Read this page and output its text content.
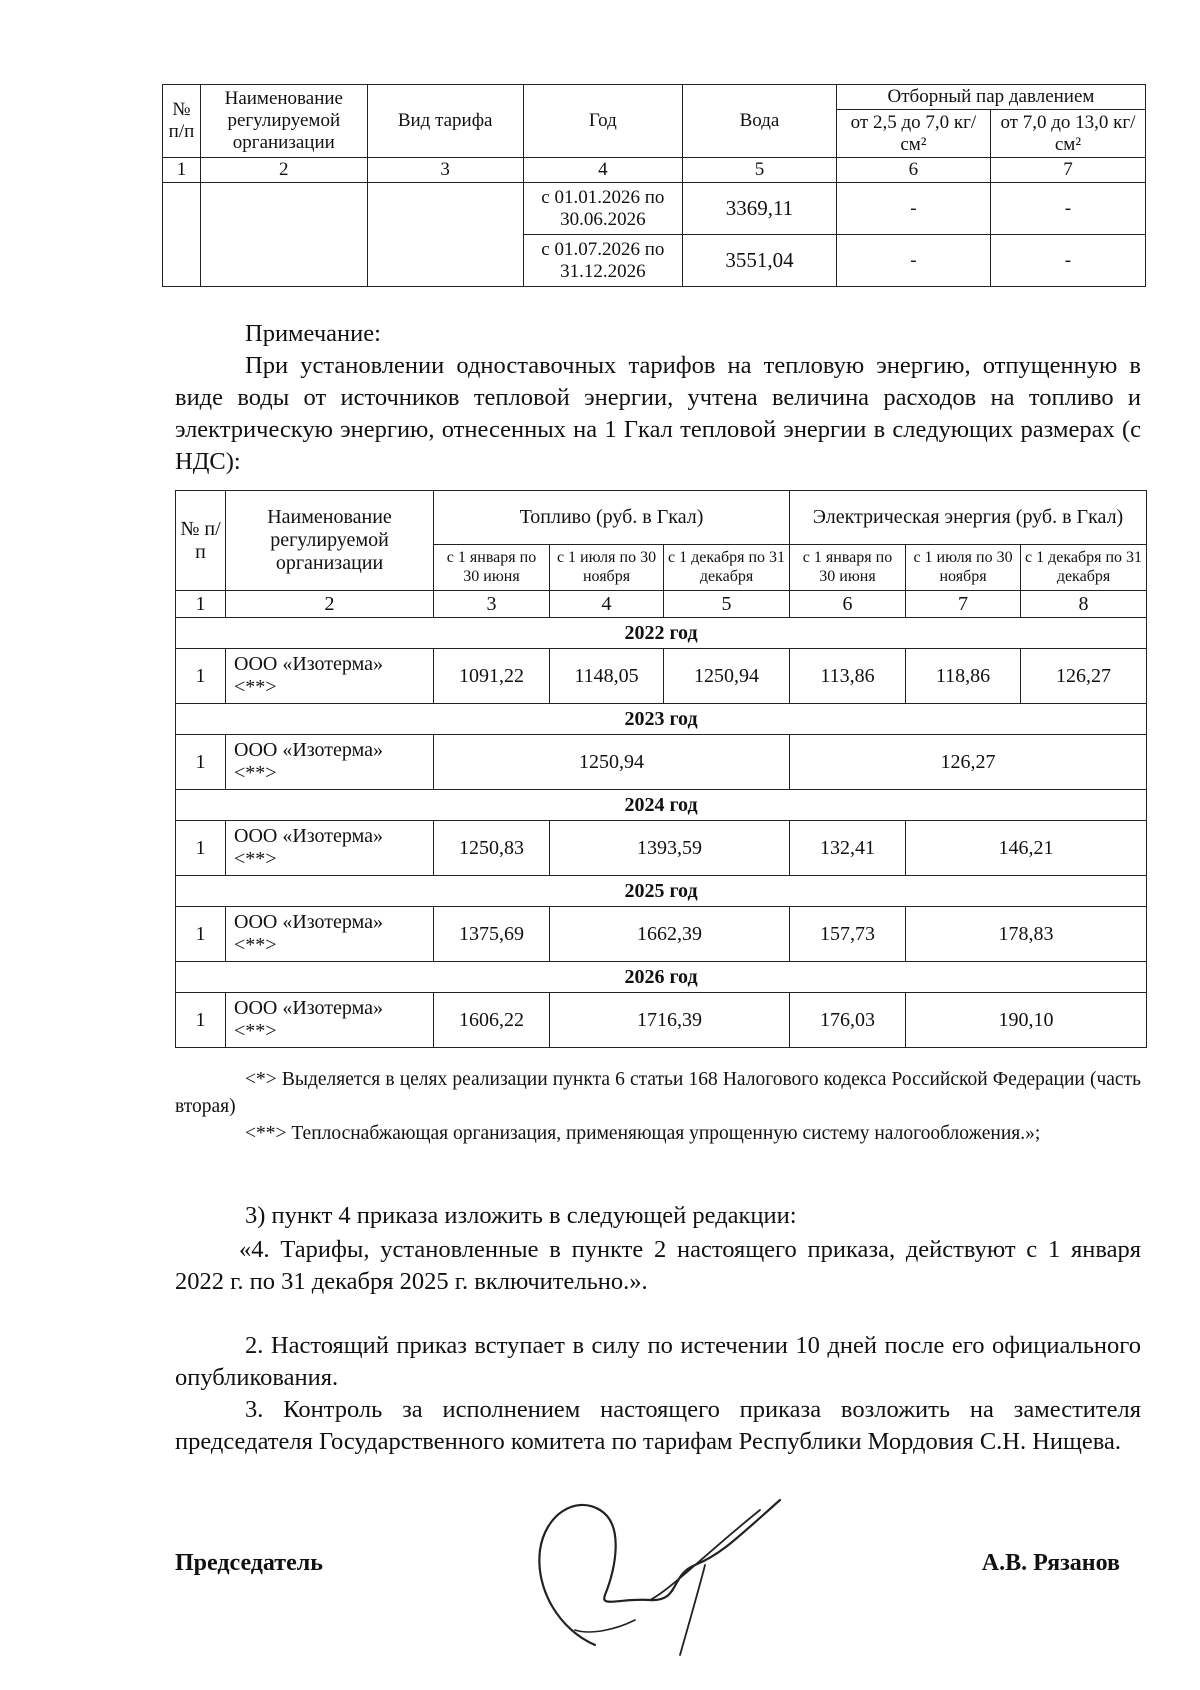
№ п/п	Наименование регулируемой организации	Вид тарифа	Год	Вода	Отборный пар давлением	
					от 2,5 до 7,0 кг/см²	от 7,0 до 13,0 кг/см²
1	2	3	4	5	6	7
			с 01.01.2026 по 30.06.2026	3369,11	-	-
			с 01.07.2026 по 31.12.2026	3551,04	-	-
Примечание:
При установлении одноставочных тарифов на тепловую энергию, отпущенную в виде воды от источников тепловой энергии, учтена величина расходов на топливо и электрическую энергию, отнесенных на 1 Гкал тепловой энергии в следующих размерах (с НДС):
№ п/п	Наименование регулируемой организации	Топливо (руб. в Гкал)			Электрическая энергия (руб. в Гкал)		
		с 1 января по 30 июня	с 1 июля по 30 ноября	с 1 декабря по 31 декабря	с 1 января по 30 июня	с 1 июля по 30 ноября	с 1 декабря по 31 декабря
1	2	3	4	5	6	7	8
2022 год							
1	ООО «Изотерма» <**>	1091,22	1148,05	1250,94	113,86	118,86	126,27
2023 год							
1	ООО «Изотерма» <**>	1250,94			126,27		
2024 год							
1	ООО «Изотерма» <**>	1250,83	1393,59		132,41	146,21	
2025 год							
1	ООО «Изотерма» <**>	1375,69	1662,39		157,73	178,83	
2026 год							
1	ООО «Изотерма» <**>	1606,22	1716,39		176,03	190,10	
<*> Выделяется в целях реализации пункта 6 статьи 168 Налогового кодекса Российской Федерации (часть вторая)
<**> Теплоснабжающая организация, применяющая упрощенную систему налогообложения.»;
3) пункт 4 приказа изложить в следующей редакции:
«4. Тарифы, установленные в пункте 2 настоящего приказа, действуют с 1 января 2022 г. по 31 декабря 2025 г. включительно.».
2. Настоящий приказ вступает в силу по истечении 10 дней после его официального опубликования.
3. Контроль за исполнением настоящего приказа возложить на заместителя председателя Государственного комитета по тарифам Республики Мордовия С.Н. Нищева.
Председатель	А.В. Рязанов
